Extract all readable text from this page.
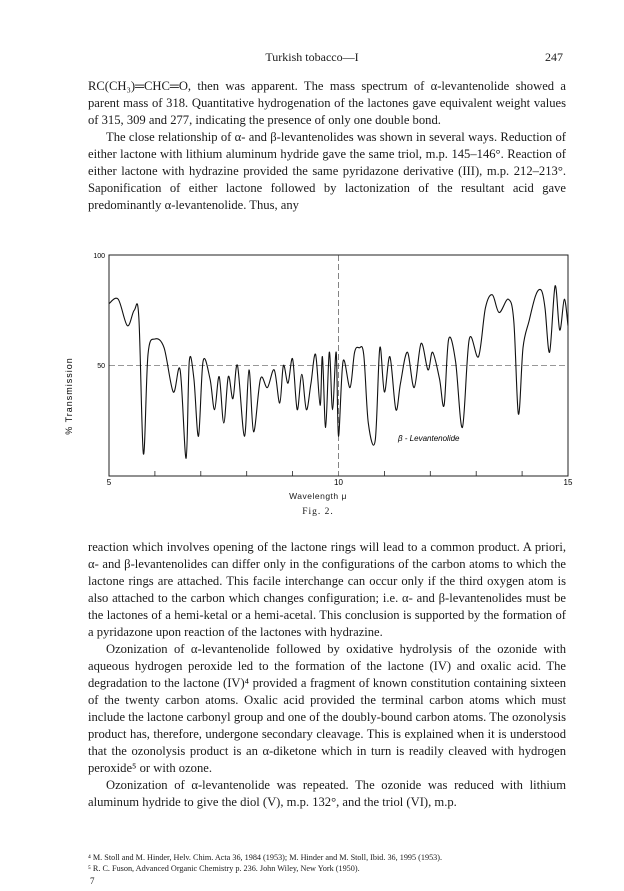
Turkish tobacco—I	247

RC(CH₃)═CHC═O, then was apparent. The mass spectrum of α-levantenolide showed a parent mass of 318. Quantitative hydrogenation of the lactones gave equivalent weight values of 315, 309 and 277, indicating the presence of only one double bond.

The close relationship of α- and β-levantenolides was shown in several ways. Reduction of either lactone with lithium aluminum hydride gave the same triol, m.p. 145–146°. Reaction of either lactone with hydrazine provided the same pyridazone derivative (III), m.p. 212–213°. Saponification of either lactone followed by lactonization of the resultant acid gave predominantly α-levantenolide. Thus, any

% Transmission
100
50
5	10	15
β - Levantenolide
Wavelength μ
Fig. 2.

reaction which involves opening of the lactone rings will lead to a common product. A priori, α- and β-levantenolides can differ only in the configurations of the carbon atoms to which the lactone rings are attached. This facile interchange can occur only if the third oxygen atom is also attached to the carbon which changes configuration; i.e. α- and β-levantenolides must be the lactones of a hemi-ketal or a hemi-acetal. This conclusion is supported by the formation of a pyridazone upon reaction of the lactones with hydrazine.

Ozonization of α-levantenolide followed by oxidative hydrolysis of the ozonide with aqueous hydrogen peroxide led to the formation of the lactone (IV) and oxalic acid. The degradation to the lactone (IV)⁴ provided a fragment of known constitution containing sixteen of the twenty carbon atoms. Oxalic acid provided the terminal carbon atoms which must include the lactone carbonyl group and one of the doubly-bound carbon atoms. The ozonolysis product has, therefore, undergone secondary cleavage. This is explained when it is understood that the ozonolysis product is an α-diketone which in turn is readily cleaved with hydrogen peroxide⁵ or with ozone.

Ozonization of α-levantenolide was repeated. The ozonide was reduced with lithium aluminum hydride to give the diol (V), m.p. 132°, and the triol (VI), m.p.

⁴ M. Stoll and M. Hinder, Helv. Chim. Acta 36, 1984 (1953); M. Hinder and M. Stoll, Ibid. 36, 1995 (1953).
⁵ R. C. Fuson, Advanced Organic Chemistry p. 236. John Wiley, New York (1950).
7
